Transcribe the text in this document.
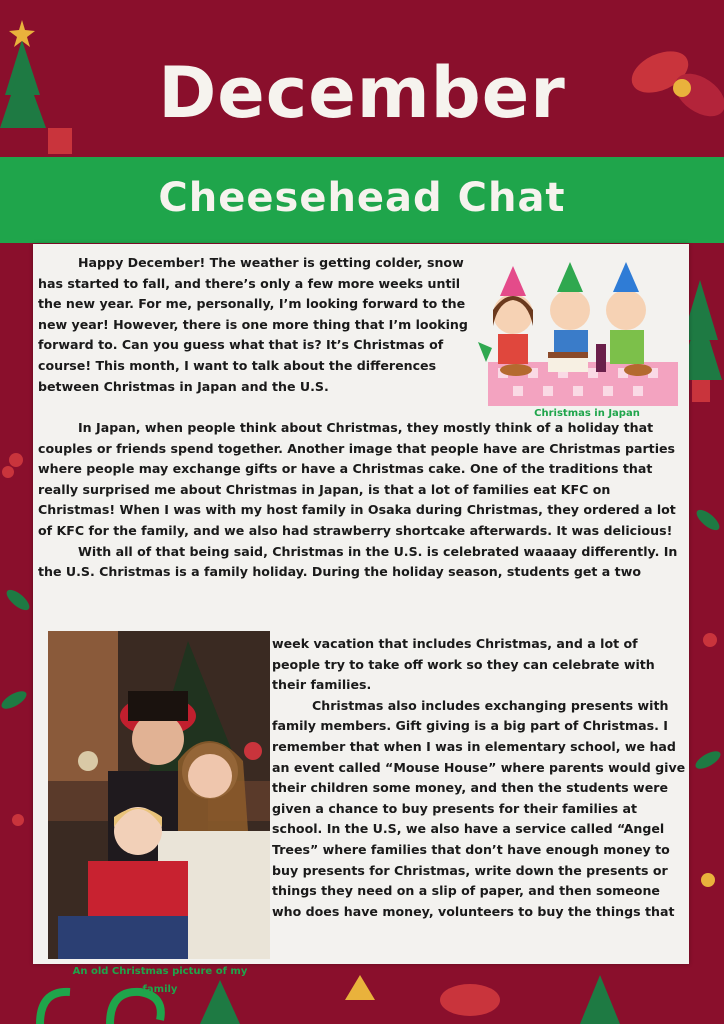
December
Cheesehead Chat
Christmas in Japan
An old Christmas picture of my family

Happy December! The weather is getting colder, snow has started to fall, and there’s only a few more weeks until the new year. For me, personally, I’m looking forward to the new year! However, there is one more thing that I’m looking forward to. Can you guess what that is? It’s Christmas of course! This month, I want to talk about the differences between Christmas in Japan and the U.S.

In Japan, when people think about Christmas, they mostly think of a holiday that couples or friends spend together. Another image that people have are Christmas parties where people may exchange gifts or have a Christmas cake. One of the traditions that really surprised me about Christmas in Japan, is that a lot of families eat KFC on Christmas! When I was with my host family in Osaka during Christmas, they ordered a lot of KFC for the family, and we also had strawberry shortcake afterwards. It was delicious!

With all of that being said, Christmas in the U.S. is celebrated waaaay differently. In the U.S. Christmas is a family holiday. During the holiday season, students get a two

week vacation that includes Christmas, and a lot of people try to take off work so they can celebrate with their families.

Christmas also includes exchanging presents with family members. Gift giving is a big part of Christmas. I remember that when I was in elementary school, we had an event called “Mouse House” where parents would give their children some money, and then the students were given a chance to buy presents for their families at school. In the U.S, we also have a service called “Angel Trees” where families that don’t have enough money to buy presents for Christmas, write down the presents or things they need on a slip of paper, and then someone who does have money, volunteers to buy the things that
